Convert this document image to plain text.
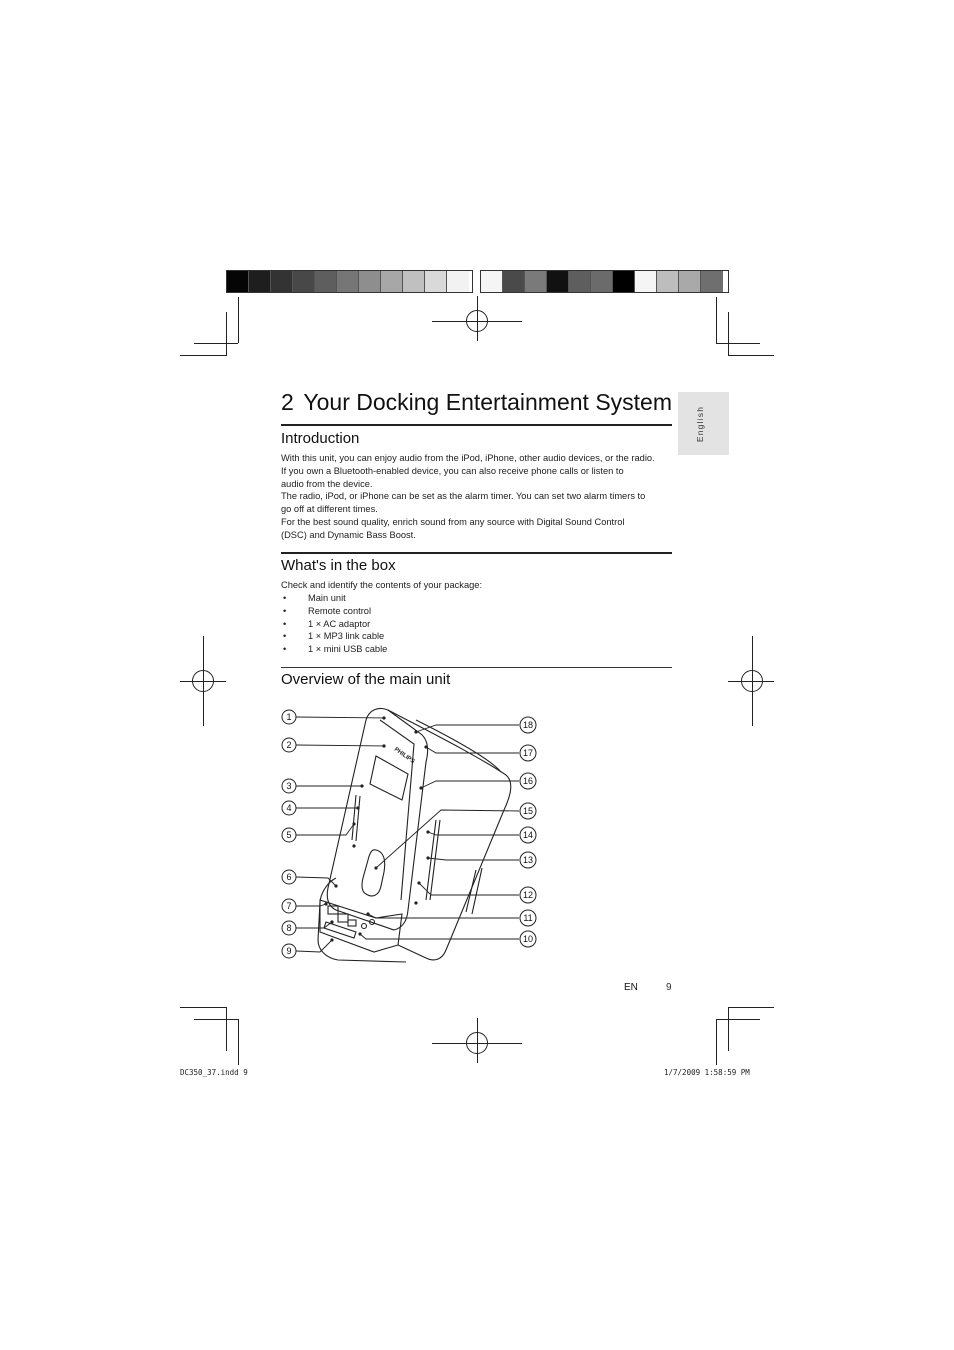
English
2 Your Docking Entertainment System
Introduction
With this unit, you can enjoy audio from the iPod, iPhone, other audio devices, or the radio.
If you own a Bluetooth-enabled device, you can also receive phone calls or listen to
audio from the device.
The radio, iPod, or iPhone can be set as the alarm timer. You can set two alarm timers to
go off at different times.
For the best sound quality, enrich sound from any source with Digital Sound Control
(DSC) and Dynamic Bass Boost.
What's in the box
Check and identify the contents of your package:
• Main unit
• Remote control
• 1 × AC adaptor
• 1 × MP3 link cable
• 1 × mini USB cable
Overview of the main unit
PHILIPS
1
2
3
4
5
6
7
8
9
18
17
16
15
14
13
12
11
10
EN	9
DC350_37.indd 9	1/7/2009 1:58:59 PM
